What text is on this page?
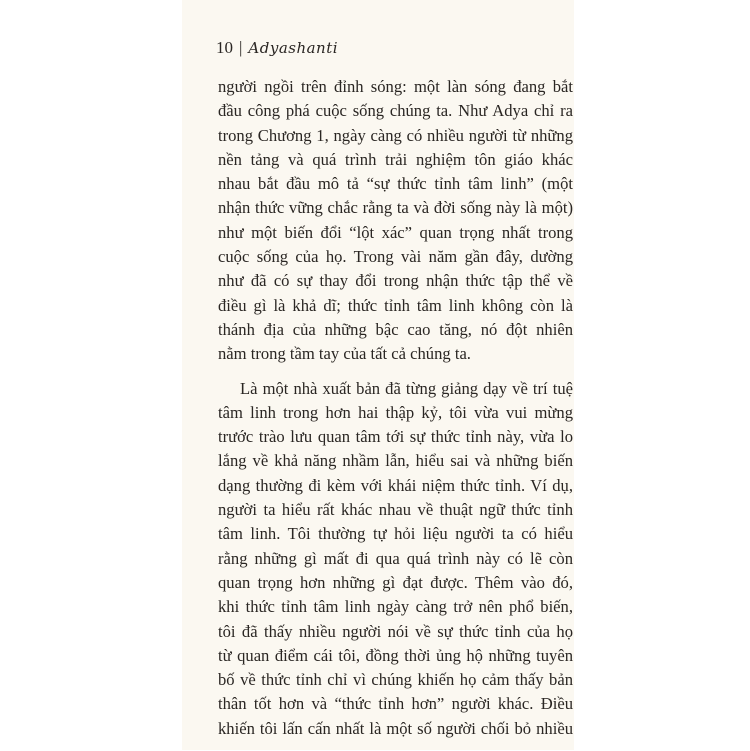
10 | Adyashanti
người ngồi trên đỉnh sóng: một làn sóng đang bắt
đầu công phá cuộc sống chúng ta. Như Adya chỉ ra
trong Chương 1, ngày càng có nhiều người từ những
nền tảng và quá trình trải nghiệm tôn giáo khác
nhau bắt đầu mô tả “sự thức tỉnh tâm linh” (một
nhận thức vững chắc rằng ta và đời sống này là một)
như một biến đổi “lột xác” quan trọng nhất trong
cuộc sống của họ. Trong vài năm gần đây, dường
như đã có sự thay đổi trong nhận thức tập thể về
điều gì là khả dĩ; thức tỉnh tâm linh không còn là
thánh địa của những bậc cao tăng, nó đột nhiên
nằm trong tầm tay của tất cả chúng ta.
Là một nhà xuất bản đã từng giảng dạy về trí tuệ
tâm linh trong hơn hai thập kỷ, tôi vừa vui mừng
trước trào lưu quan tâm tới sự thức tỉnh này, vừa lo
lắng về khả năng nhầm lẫn, hiểu sai và những biến
dạng thường đi kèm với khái niệm thức tỉnh. Ví dụ,
người ta hiểu rất khác nhau về thuật ngữ thức tỉnh
tâm linh. Tôi thường tự hỏi liệu người ta có hiểu
rằng những gì mất đi qua quá trình này có lẽ còn
quan trọng hơn những gì đạt được. Thêm vào đó,
khi thức tỉnh tâm linh ngày càng trở nên phổ biến,
tôi đã thấy nhiều người nói về sự thức tỉnh của họ
từ quan điểm cái tôi, đồng thời ủng hộ những tuyên
bố về thức tỉnh chỉ vì chúng khiến họ cảm thấy bản
thân tốt hơn và “thức tỉnh hơn” người khác. Điều
khiến tôi lấn cấn nhất là một số người chối bỏ nhiều
